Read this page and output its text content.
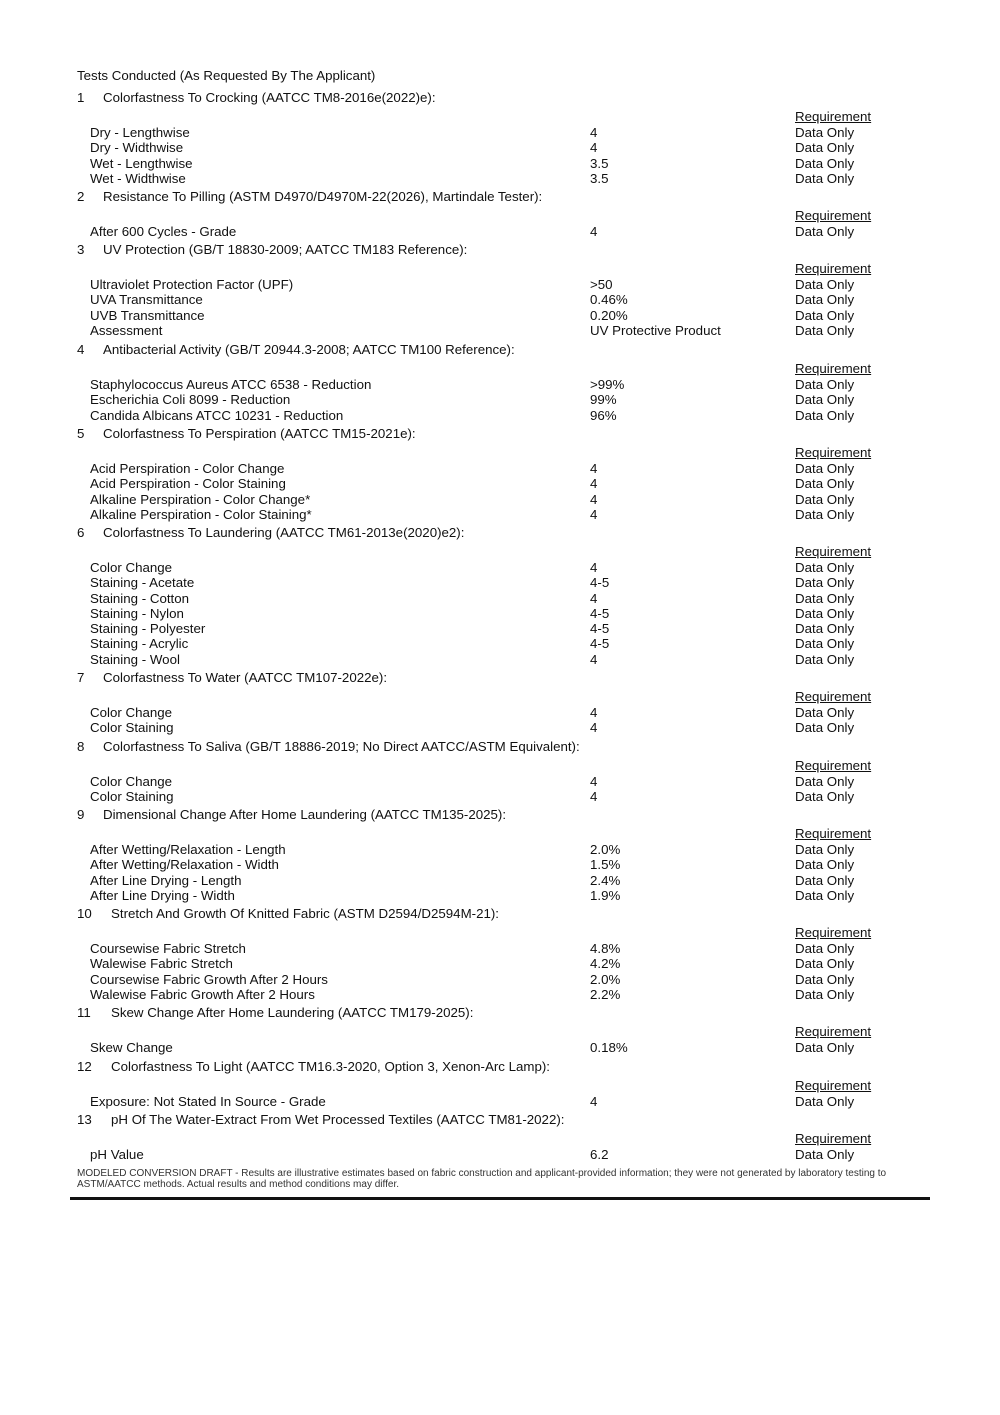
Tests Conducted (As Requested By The Applicant)
1 Colorfastness To Crocking (AATCC TM8-2016e(2022)e):
Requirement
Dry - Lengthwise	4	Data Only
Dry - Widthwise	4	Data Only
Wet - Lengthwise	3.5	Data Only
Wet - Widthwise	3.5	Data Only
2 Resistance To Pilling (ASTM D4970/D4970M-22(2026), Martindale Tester):
Requirement
After 600 Cycles - Grade	4	Data Only
3 UV Protection (GB/T 18830-2009; AATCC TM183 Reference):
Requirement
Ultraviolet Protection Factor (UPF)	>50	Data Only
UVA Transmittance	0.46%	Data Only
UVB Transmittance	0.20%	Data Only
Assessment	UV Protective Product	Data Only
4 Antibacterial Activity (GB/T 20944.3-2008; AATCC TM100 Reference):
Requirement
Staphylococcus Aureus ATCC 6538 - Reduction	>99%	Data Only
Escherichia Coli 8099 - Reduction	99%	Data Only
Candida Albicans ATCC 10231 - Reduction	96%	Data Only
5 Colorfastness To Perspiration (AATCC TM15-2021e):
Requirement
Acid Perspiration - Color Change	4	Data Only
Acid Perspiration - Color Staining	4	Data Only
Alkaline Perspiration - Color Change*	4	Data Only
Alkaline Perspiration - Color Staining*	4	Data Only
6 Colorfastness To Laundering (AATCC TM61-2013e(2020)e2):
Requirement
Color Change	4	Data Only
Staining - Acetate	4-5	Data Only
Staining - Cotton	4	Data Only
Staining - Nylon	4-5	Data Only
Staining - Polyester	4-5	Data Only
Staining - Acrylic	4-5	Data Only
Staining - Wool	4	Data Only
7 Colorfastness To Water (AATCC TM107-2022e):
Requirement
Color Change	4	Data Only
Color Staining	4	Data Only
8 Colorfastness To Saliva (GB/T 18886-2019; No Direct AATCC/ASTM Equivalent):
Requirement
Color Change	4	Data Only
Color Staining	4	Data Only
9 Dimensional Change After Home Laundering (AATCC TM135-2025):
Requirement
After Wetting/Relaxation - Length	2.0%	Data Only
After Wetting/Relaxation - Width	1.5%	Data Only
After Line Drying - Length	2.4%	Data Only
After Line Drying - Width	1.9%	Data Only
10 Stretch And Growth Of Knitted Fabric (ASTM D2594/D2594M-21):
Requirement
Coursewise Fabric Stretch	4.8%	Data Only
Walewise Fabric Stretch	4.2%	Data Only
Coursewise Fabric Growth After 2 Hours	2.0%	Data Only
Walewise Fabric Growth After 2 Hours	2.2%	Data Only
11 Skew Change After Home Laundering (AATCC TM179-2025):
Requirement
Skew Change	0.18%	Data Only
12 Colorfastness To Light (AATCC TM16.3-2020, Option 3, Xenon-Arc Lamp):
Requirement
Exposure: Not Stated In Source - Grade	4	Data Only
13 pH Of The Water-Extract From Wet Processed Textiles (AATCC TM81-2022):
Requirement
pH Value	6.2	Data Only
MODELED CONVERSION DRAFT - Results are illustrative estimates based on fabric construction and applicant-provided information; they were not generated by laboratory testing to ASTM/AATCC methods. Actual results and method conditions may differ.
